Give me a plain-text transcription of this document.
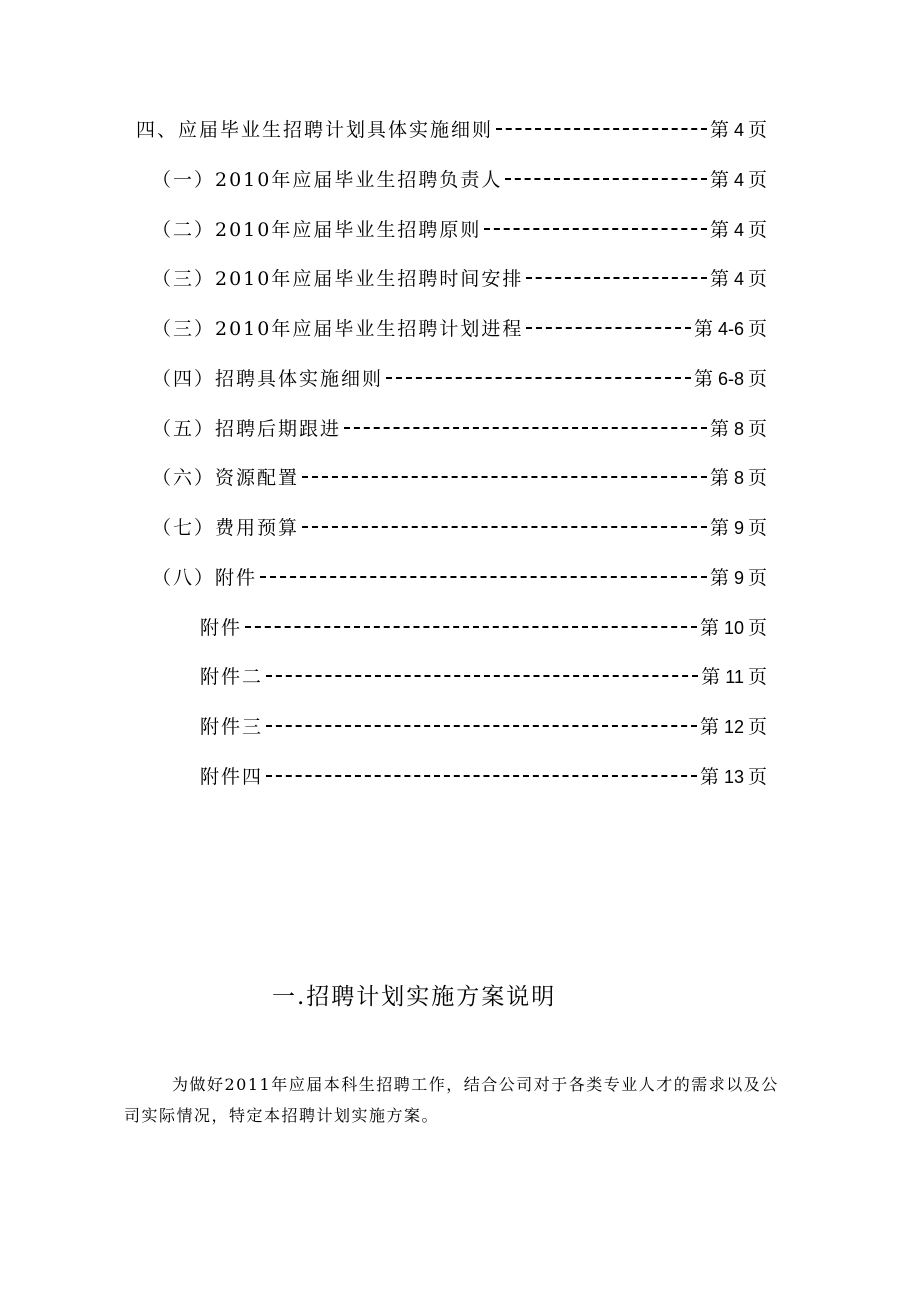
四、应届毕业生招聘计划具体实施细则	第 4 页
（一）2010年应届毕业生招聘负责人	第 4 页
（二）2010年应届毕业生招聘原则	第 4 页
（三）2010年应届毕业生招聘时间安排	第 4 页
（三）2010年应届毕业生招聘计划进程	第 4-6 页
（四）招聘具体实施细则	第 6-8 页
（五）招聘后期跟进	第 8 页
（六）资源配置	第 8 页
（七）费用预算	第 9 页
（八）附件	第 9 页
附件	第 10 页
附件二	第 11 页
附件三	第 12 页
附件四	第 13 页
一.招聘计划实施方案说明

为做好2011年应届本科生招聘工作，结合公司对于各类专业人才的需求以及公司实际情况，特定本招聘计划实施方案。
